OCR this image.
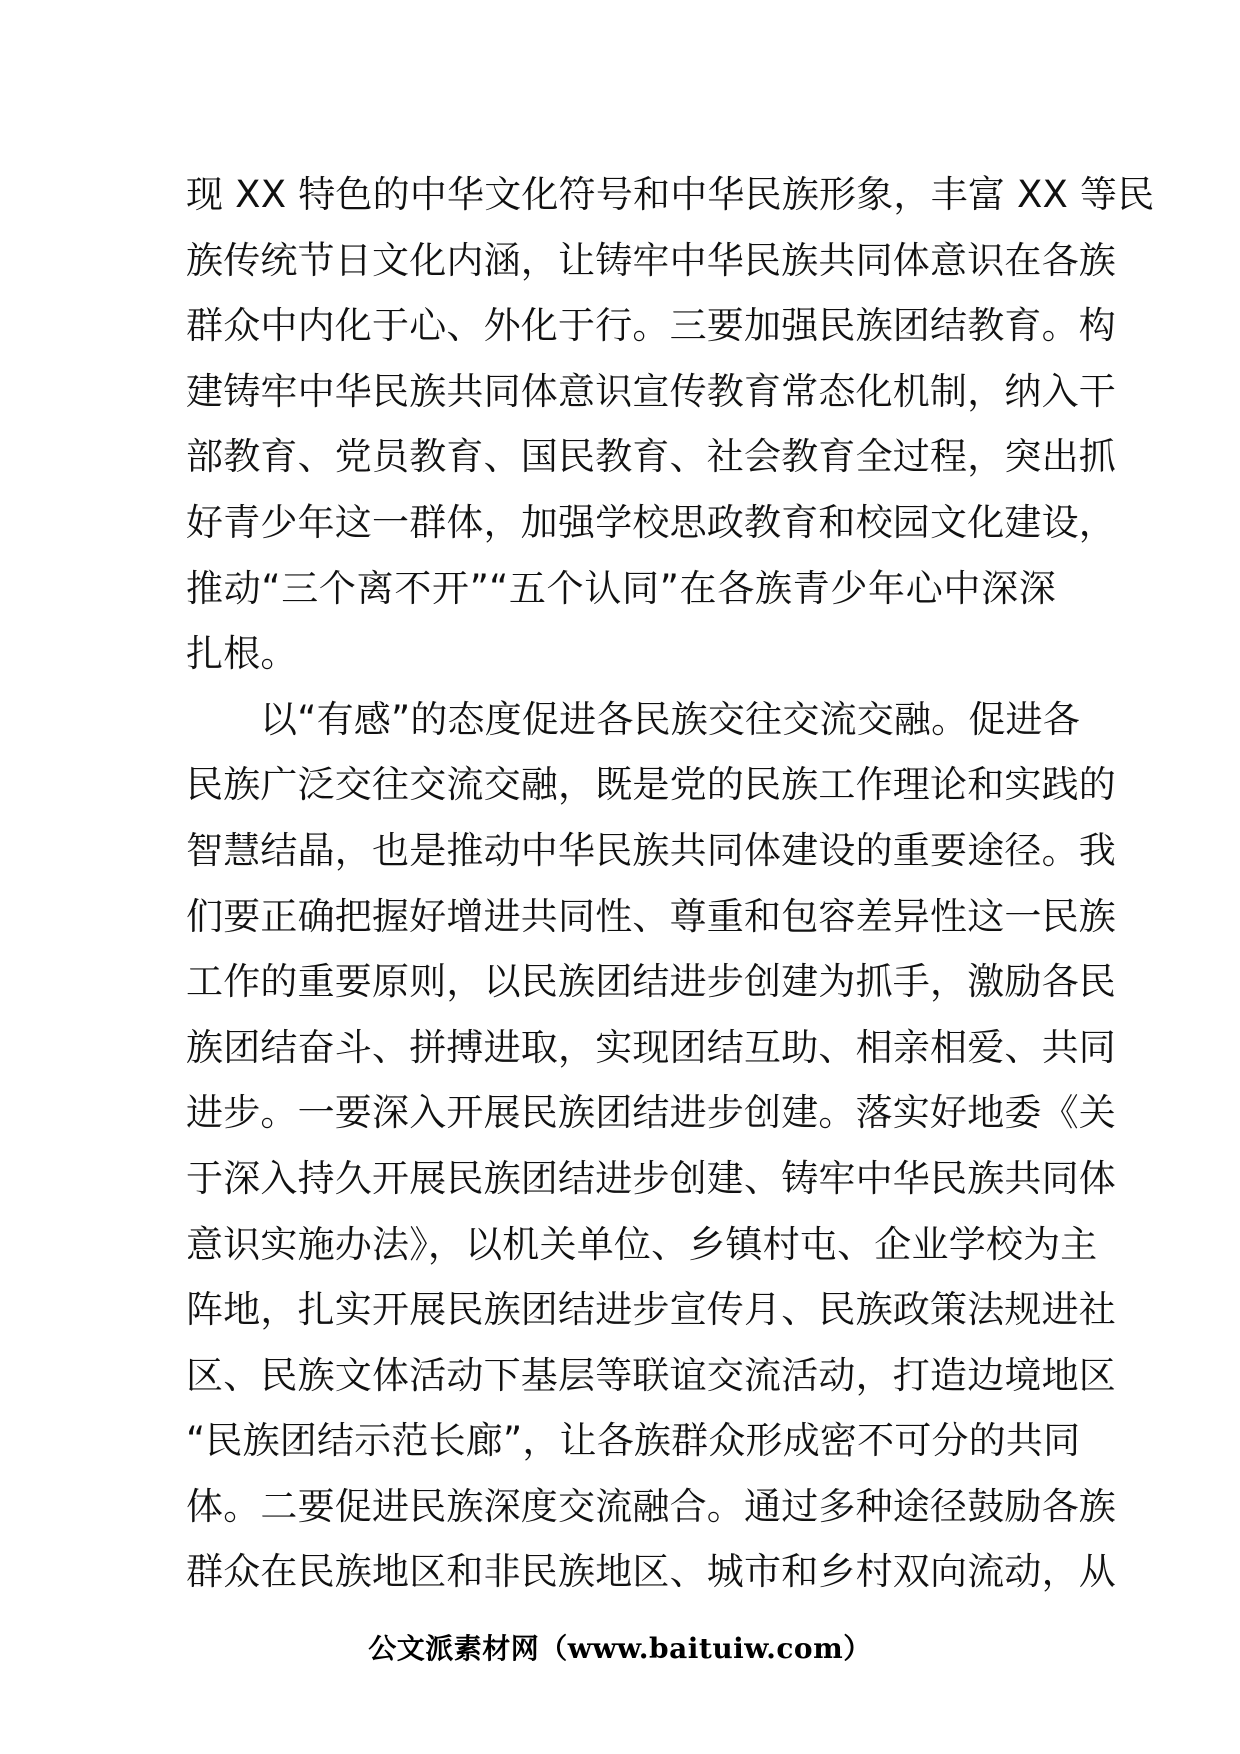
现 XX 特色的中华文化符号和中华民族形象，丰富 XX 等民
族传统节日文化内涵，让铸牢中华民族共同体意识在各族
群众中内化于心、外化于行。三要加强民族团结教育。构
建铸牢中华民族共同体意识宣传教育常态化机制，纳入干
部教育、党员教育、国民教育、社会教育全过程，突出抓
好青少年这一群体，加强学校思政教育和校园文化建设，
推动“三个离不开”“五个认同”在各族青少年心中深深
扎根。
以“有感”的态度促进各民族交往交流交融。促进各
民族广泛交往交流交融，既是党的民族工作理论和实践的
智慧结晶，也是推动中华民族共同体建设的重要途径。我
们要正确把握好增进共同性、尊重和包容差异性这一民族
工作的重要原则，以民族团结进步创建为抓手，激励各民
族团结奋斗、拼搏进取，实现团结互助、相亲相爱、共同
进步。一要深入开展民族团结进步创建。落实好地委《关
于深入持久开展民族团结进步创建、铸牢中华民族共同体
意识实施办法》，以机关单位、乡镇村屯、企业学校为主
阵地，扎实开展民族团结进步宣传月、民族政策法规进社
区、民族文体活动下基层等联谊交流活动，打造边境地区
“民族团结示范长廊”，让各族群众形成密不可分的共同
体。二要促进民族深度交流融合。通过多种途径鼓励各族
群众在民族地区和非民族地区、城市和乡村双向流动，从
公文派素材网（www.baituiw.com）
